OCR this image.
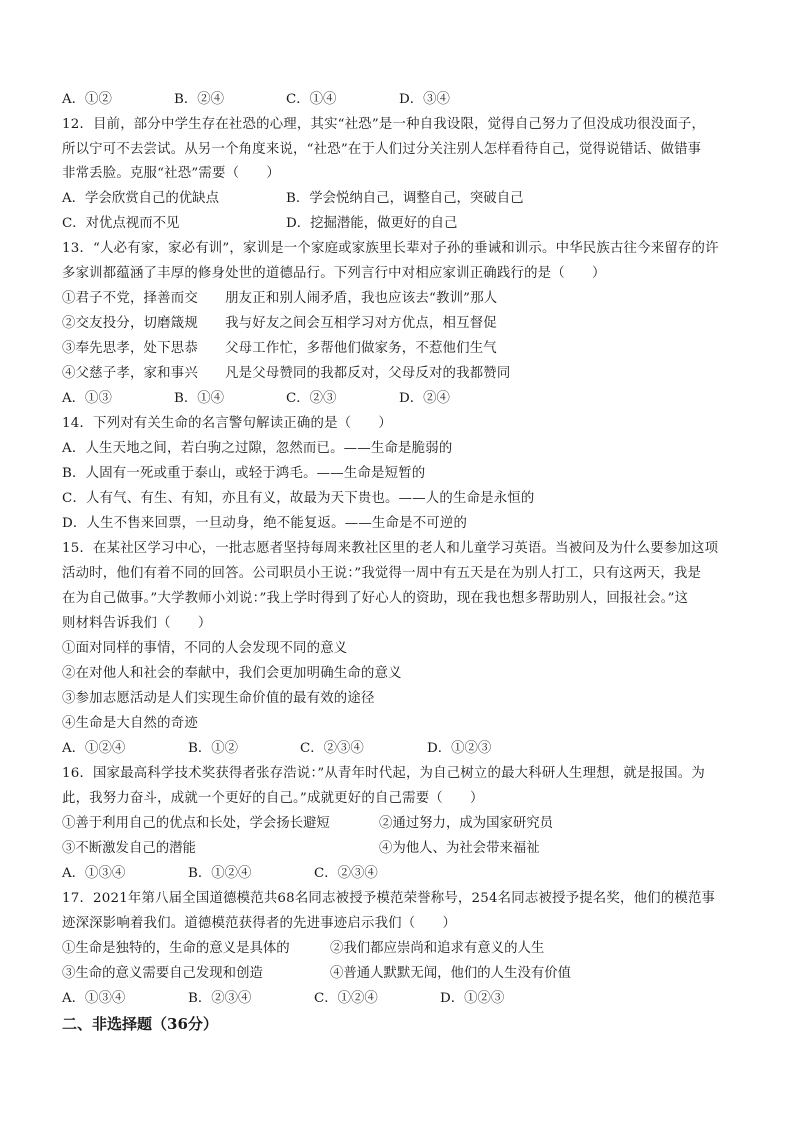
A．①②	B．②④	C．①④	D．③④
12．目前，部分中学生存在社恐的心理，其实“社恐”是一种自我设限，觉得自己努力了但没成功很没面子，
所以宁可不去尝试。从另一个角度来说，“社恐”在于人们过分关注别人怎样看待自己，觉得说错话、做错事
非常丢脸。克服“社恐”需要（　　）
A．学会欣赏自己的优缺点	B．学会悦纳自己，调整自己，突破自己
C．对优点视而不见	D．挖掘潜能，做更好的自己
13．“人必有家，家必有训”，家训是一个家庭或家族里长辈对子孙的垂诫和训示。中华民族古往今来留存的许
多家训都蕴涵了丰厚的修身处世的道德品行。下列言行中对相应家训正确践行的是（　　）
①君子不党，择善而交　　朋友正和别人闹矛盾，我也应该去“教训”那人
②交友投分，切磨箴规　　我与好友之间会互相学习对方优点，相互督促
③奉先思孝，处下思恭　　父母工作忙，多帮他们做家务，不惹他们生气
④父慈子孝，家和事兴　　凡是父母赞同的我都反对，父母反对的我都赞同
A．①③	B．①④	C．②③	D．②④
14．下列对有关生命的名言警句解读正确的是（　　）
A．人生天地之间，若白驹之过隙，忽然而已。——生命是脆弱的
B．人固有一死或重于泰山，或轻于鸿毛。——生命是短暂的
C．人有气、有生、有知，亦且有义，故最为天下贵也。——人的生命是永恒的
D．人生不售来回票，一旦动身，绝不能复返。——生命是不可逆的
15．在某社区学习中心，一批志愿者坚持每周来教社区里的老人和儿童学习英语。当被问及为什么要参加这项
活动时，他们有着不同的回答。公司职员小王说：”我觉得一周中有五天是在为别人打工，只有这两天，我是
在为自己做事。”大学教师小刘说：”我上学时得到了好心人的资助，现在我也想多帮助别人，回报社会。”这
则材料告诉我们（　　）
①面对同样的事情，不同的人会发现不同的意义
②在对他人和社会的奉献中，我们会更加明确生命的意义
③参加志愿活动是人们实现生命价值的最有效的途径
④生命是大自然的奇迹
A．①②④	B．①②	C．②③④	D．①②③
16．国家最高科学技术奖获得者张存浩说：”从青年时代起，为自己树立的最大科研人生理想，就是报国。为
此，我努力奋斗，成就一个更好的自己。”成就更好的自己需要（　　）
①善于利用自己的优点和长处，学会扬长避短	②通过努力，成为国家研究员
③不断激发自己的潜能	④为他人、为社会带来福祉
A．①③④	B．①②④	C．②③④
17．2021年第八届全国道德模范共68名同志被授予模范荣誉称号，254名同志被授予提名奖，他们的模范事
迹深深影响着我们。道德模范获得者的先进事迹启示我们（　　）
①生命是独特的，生命的意义是具体的	②我们都应崇尚和追求有意义的人生
③生命的意义需要自己发现和创造	④普通人默默无闻，他们的人生没有价值
A．①③④	B．②③④	C．①②④	D．①②③
二、非选择题（36分）
